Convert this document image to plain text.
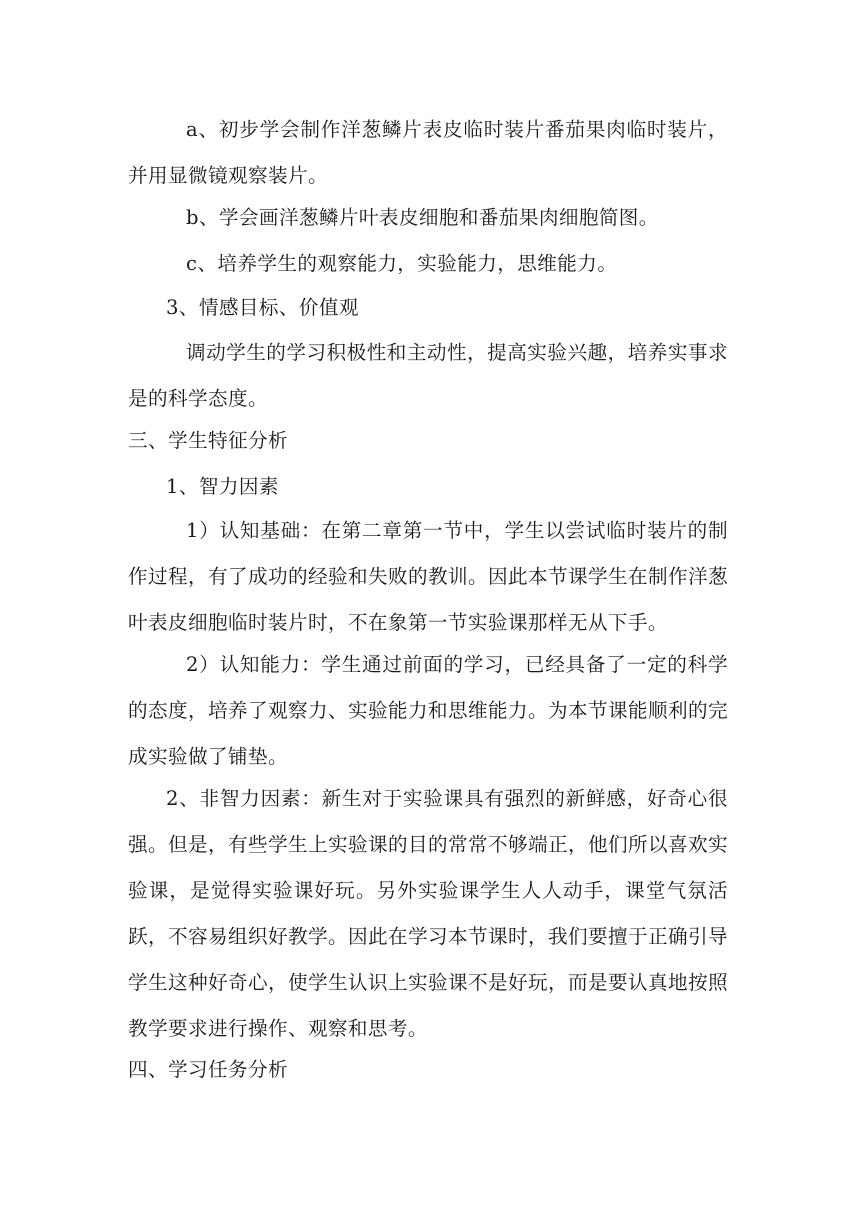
a、初步学会制作洋葱鳞片表皮临时装片番茄果肉临时装片，并用显微镜观察装片。

b、学会画洋葱鳞片叶表皮细胞和番茄果肉细胞简图。

c、培养学生的观察能力，实验能力，思维能力。

3、情感目标、价值观

调动学生的学习积极性和主动性，提高实验兴趣，培养实事求是的科学态度。

三、学生特征分析

1、智力因素

1）认知基础：在第二章第一节中，学生以尝试临时装片的制作过程，有了成功的经验和失败的教训。因此本节课学生在制作洋葱叶表皮细胞临时装片时，不在象第一节实验课那样无从下手。

2）认知能力：学生通过前面的学习，已经具备了一定的科学的态度，培养了观察力、实验能力和思维能力。为本节课能顺利的完成实验做了铺垫。

2、非智力因素：新生对于实验课具有强烈的新鲜感，好奇心很强。但是，有些学生上实验课的目的常常不够端正，他们所以喜欢实验课，是觉得实验课好玩。另外实验课学生人人动手，课堂气氛活跃，不容易组织好教学。因此在学习本节课时，我们要擅于正确引导学生这种好奇心，使学生认识上实验课不是好玩，而是要认真地按照教学要求进行操作、观察和思考。

四、学习任务分析
